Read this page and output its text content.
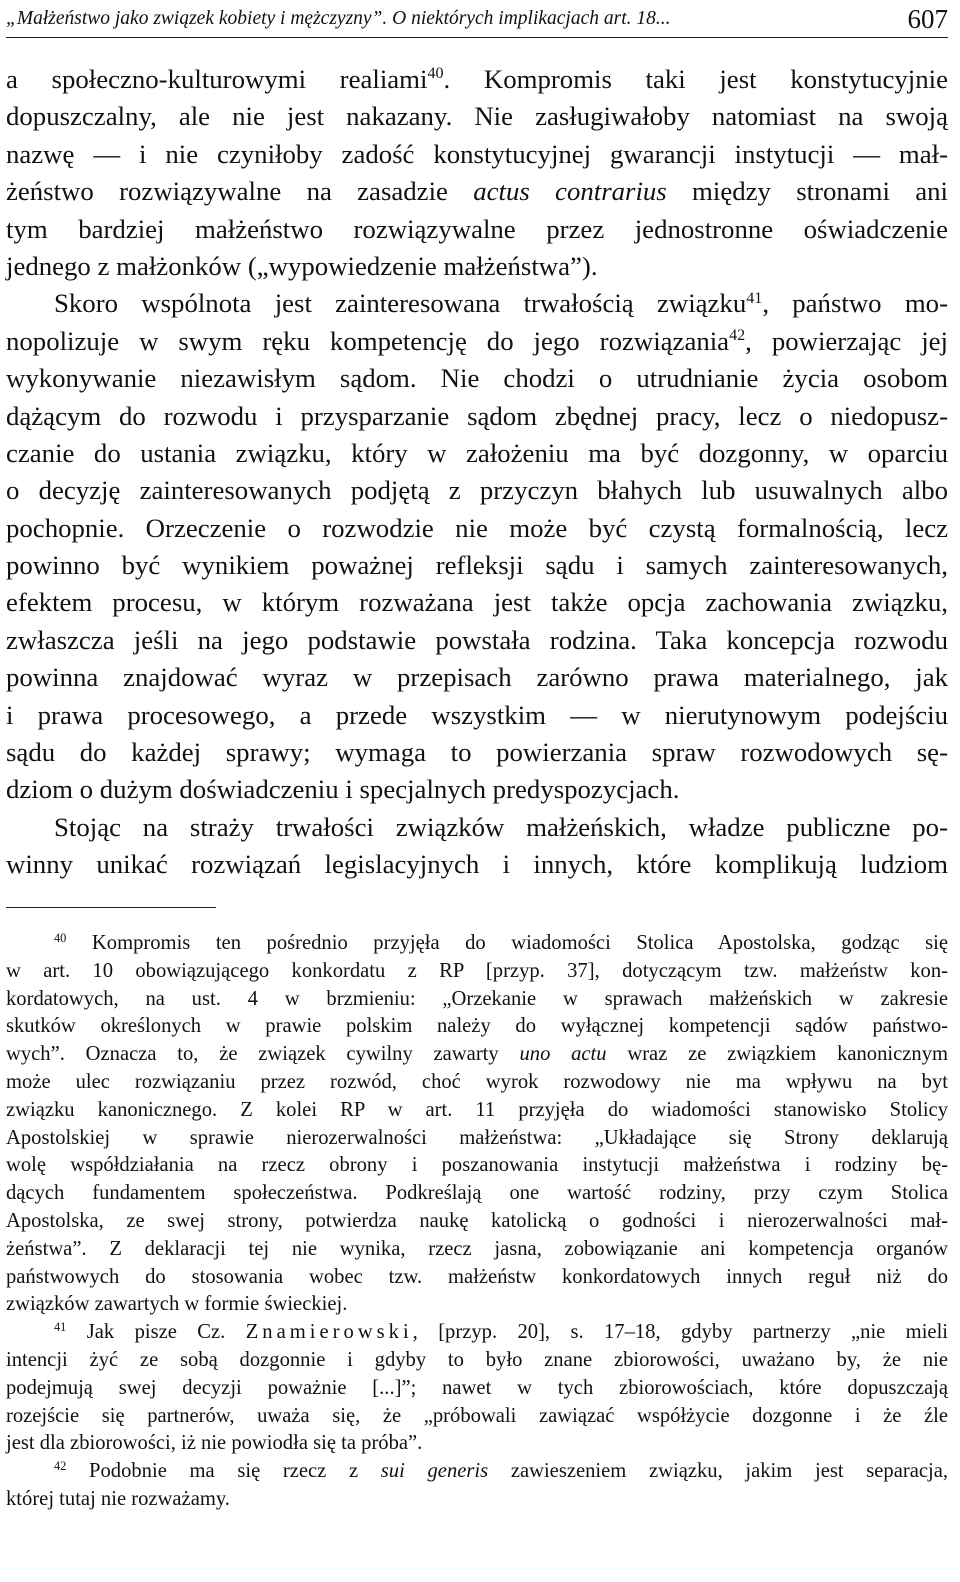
„Małżeństwo jako związek kobiety i mężczyzny”. O niektórych implikacjach art. 18...	607
a społeczno-kulturowymi realiami$^{40}$. Kompromis taki jest konstytucyjnie
dopuszczalny, ale nie jest nakazany. Nie zasługiwałoby natomiast na swoją
nazwę — i nie czyniłoby zadość konstytucyjnej gwarancji instytucji — mał-
żeństwo rozwiązywalne na zasadzie actus contrarius między stronami ani
tym bardziej małżeństwo rozwiązywalne przez jednostronne oświadczenie
jednego z małżonków („wypowiedzenie małżeństwa”).
Skoro wspólnota jest zainteresowana trwałością związku$^{41}$, państwo mo-
nopolizuje w swym ręku kompetencję do jego rozwiązania$^{42}$, powierzając jej
wykonywanie niezawisłym sądom. Nie chodzi o utrudnianie życia osobom
dążącym do rozwodu i przysparzanie sądom zbędnej pracy, lecz o niedopusz-
czanie do ustania związku, który w założeniu ma być dozgonny, w oparciu
o decyzję zainteresowanych podjętą z przyczyn błahych lub usuwalnych albo
pochopnie. Orzeczenie o rozwodzie nie może być czystą formalnością, lecz
powinno być wynikiem poważnej refleksji sądu i samych zainteresowanych,
efektem procesu, w którym rozważana jest także opcja zachowania związku,
zwłaszcza jeśli na jego podstawie powstała rodzina. Taka koncepcja rozwodu
powinna znajdować wyraz w przepisach zarówno prawa materialnego, jak
i prawa procesowego, a przede wszystkim — w nierutynowym podejściu
sądu do każdej sprawy; wymaga to powierzania spraw rozwodowych sę-
dziom o dużym doświadczeniu i specjalnych predyspozycjach.
Stojąc na straży trwałości związków małżeńskich, władze publiczne po-
winny unikać rozwiązań legislacyjnych i innych, które komplikują ludziom
$^{40}$ Kompromis ten pośrednio przyjęła do wiadomości Stolica Apostolska, godząc się
w art. 10 obowiązującego konkordatu z RP [przyp. 37], dotyczącym tzw. małżeństw kon-
kordatowych, na ust. 4 w brzmieniu: „Orzekanie w sprawach małżeńskich w zakresie
skutków określonych w prawie polskim należy do wyłącznej kompetencji sądów państwo-
wych”. Oznacza to, że związek cywilny zawarty uno actu wraz ze związkiem kanonicznym
może ulec rozwiązaniu przez rozwód, choć wyrok rozwodowy nie ma wpływu na byt
związku kanonicznego. Z kolei RP w art. 11 przyjęła do wiadomości stanowisko Stolicy
Apostolskiej w sprawie nierozerwalności małżeństwa: „Układające się Strony deklarują
wolę współdziałania na rzecz obrony i poszanowania instytucji małżeństwa i rodziny bę-
dących fundamentem społeczeństwa. Podkreślają one wartość rodziny, przy czym Stolica
Apostolska, ze swej strony, potwierdza naukę katolicką o godności i nierozerwalności mał-
żeństwa”. Z deklaracji tej nie wynika, rzecz jasna, zobowiązanie ani kompetencja organów
państwowych do stosowania wobec tzw. małżeństw konkordatowych innych reguł niż do
związków zawartych w formie świeckiej.
$^{41}$ Jak pisze Cz. Znamierowski, [przyp. 20], s. 17–18, gdyby partnerzy „nie mieli
intencji żyć ze sobą dozgonnie i gdyby to było znane zbiorowości, uważano by, że nie
podejmują swej decyzji poważnie [...]”; nawet w tych zbiorowościach, które dopuszczają
rozejście się partnerów, uważa się, że „próbowali zawiązać współżycie dozgonne i że źle
jest dla zbiorowości, iż nie powiodła się ta próba”.
$^{42}$ Podobnie ma się rzecz z sui generis zawieszeniem związku, jakim jest separacja,
której tutaj nie rozważamy.
